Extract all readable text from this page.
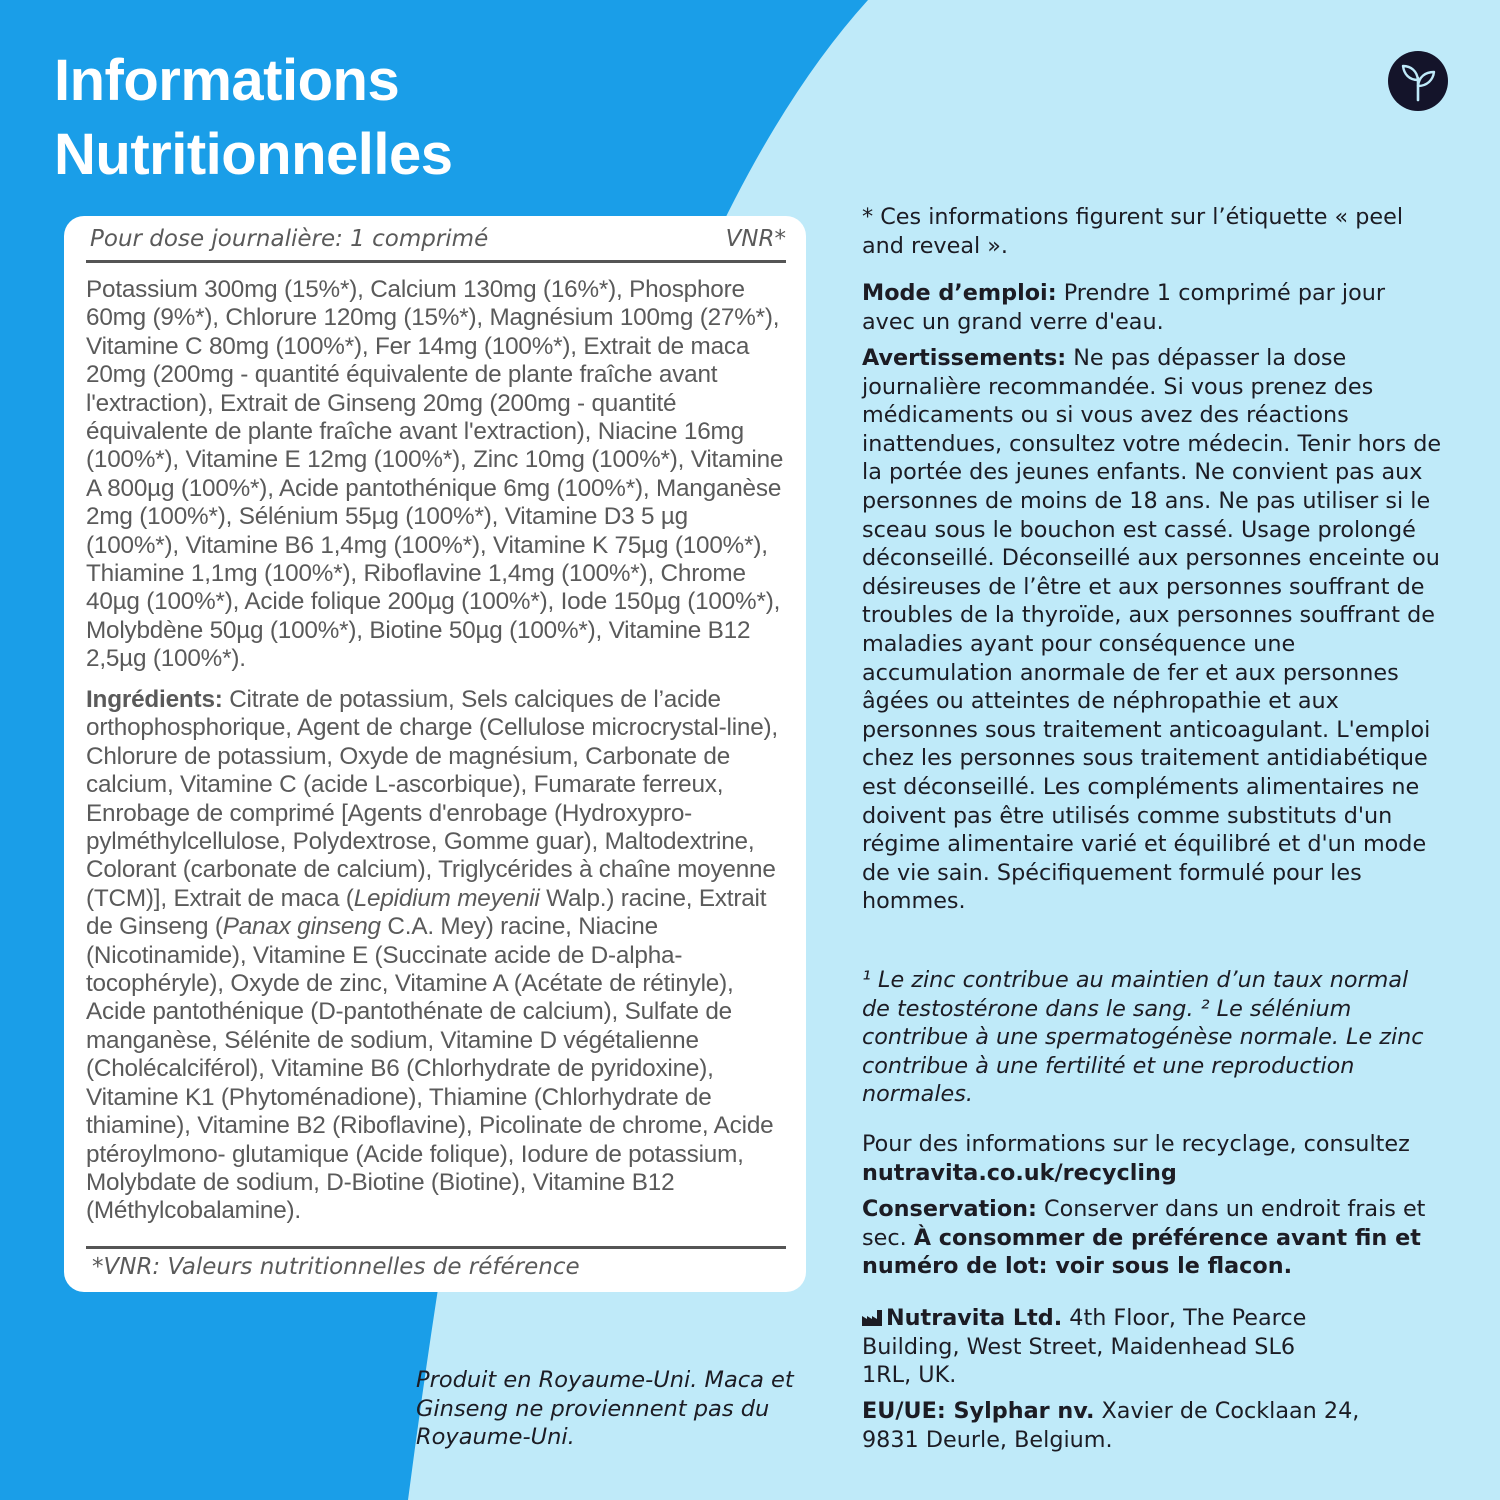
Informations
Nutritionnelles
Pour dose journalière: 1 comprimé	VNR*

Potassium 300mg (15%*), Calcium 130mg (16%*), Phosphore 60mg (9%*), Chlorure 120mg (15%*), Magnésium 100mg (27%*), Vitamine C 80mg (100%*), Fer 14mg (100%*), Extrait de maca 20mg (200mg - quantité équivalente de plante fraîche avant l'extraction), Extrait de Ginseng 20mg (200mg - quantité équivalente de plante fraîche avant l'extraction), Niacine 16mg (100%*), Vitamine E 12mg (100%*), Zinc 10mg (100%*), Vitamine A 800µg (100%*), Acide pantothénique 6mg (100%*), Manganèse 2mg (100%*), Sélénium 55µg (100%*), Vitamine D3 5 µg (100%*), Vitamine B6 1,4mg (100%*), Vitamine K 75µg (100%*), Thiamine 1,1mg (100%*), Riboflavine 1,4mg (100%*), Chrome 40µg (100%*), Acide folique 200µg (100%*), Iode 150µg (100%*), Molybdène 50µg (100%*), Biotine 50µg (100%*), Vitamine B12 2,5µg (100%*).

Ingrédients: Citrate de potassium, Sels calciques de l’acide orthophosphorique, Agent de charge (Cellulose microcrystal-line), Chlorure de potassium, Oxyde de magnésium, Carbonate de calcium, Vitamine C (acide L-ascorbique), Fumarate ferreux, Enrobage de comprimé [Agents d'enrobage (Hydroxypro-pylméthylcellulose, Polydextrose, Gomme guar), Maltodextrine, Colorant (carbonate de calcium), Triglycérides à chaîne moyenne (TCM)], Extrait de maca (Lepidium meyenii Walp.) racine, Extrait de Ginseng (Panax ginseng C.A. Mey) racine, Niacine (Nicotinamide), Vitamine E (Succinate acide de D-alpha-tocophéryle), Oxyde de zinc, Vitamine A (Acétate de rétinyle), Acide pantothénique (D-pantothénate de calcium), Sulfate de manganèse, Sélénite de sodium, Vitamine D végétalienne (Cholécalciférol), Vitamine B6 (Chlorhydrate de pyridoxine), Vitamine K1 (Phytoménadione), Thiamine (Chlorhydrate de thiamine), Vitamine B2 (Riboflavine), Picolinate de chrome, Acide ptéroylmono- glutamique (Acide folique), Iodure de potassium, Molybdate de sodium, D-Biotine (Biotine), Vitamine B12 (Méthylcobalamine).

*VNR: Valeurs nutritionnelles de référence

* Ces informations figurent sur l’étiquette « peel and reveal ».

Mode d’emploi: Prendre 1 comprimé par jour avec un grand verre d'eau.

Avertissements: Ne pas dépasser la dose journalière recommandée. Si vous prenez des médicaments ou si vous avez des réactions inattendues, consultez votre médecin. Tenir hors de la portée des jeunes enfants. Ne convient pas aux personnes de moins de 18 ans. Ne pas utiliser si le sceau sous le bouchon est cassé. Usage prolongé déconseillé. Déconseillé aux personnes enceinte ou désireuses de l’être et aux personnes souffrant de troubles de la thyroïde, aux personnes souffrant de maladies ayant pour conséquence une accumulation anormale de fer et aux personnes âgées ou atteintes de néphropathie et aux personnes sous traitement anticoagulant. L'emploi chez les personnes sous traitement antidiabétique est déconseillé. Les compléments alimentaires ne doivent pas être utilisés comme substituts d'un régime alimentaire varié et équilibré et d'un mode de vie sain. Spécifiquement formulé pour les hommes.

¹ Le zinc contribue au maintien d’un taux normal de testostérone dans le sang. ² Le sélénium contribue à une spermatogénèse normale. Le zinc contribue à une fertilité et une reproduction normales.

Pour des informations sur le recyclage, consultez
nutravita.co.uk/recycling

Conservation: Conserver dans un endroit frais et sec. À consommer de préférence avant fin et numéro de lot: voir sous le flacon.

Nutravita Ltd. 4th Floor, The Pearce Building, West Street, Maidenhead SL6 1RL, UK.

EU/UE: Sylphar nv. Xavier de Cocklaan 24, 9831 Deurle, Belgium.

Produit en Royaume-Uni. Maca et Ginseng ne proviennent pas du Royaume-Uni.
